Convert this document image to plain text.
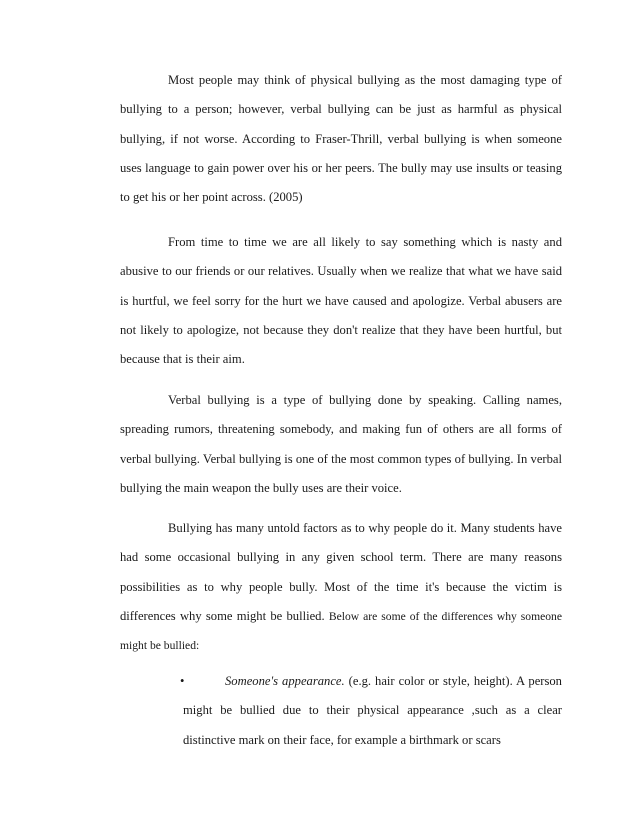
Most people may think of physical bullying as the most damaging type of bullying to a person; however, verbal bullying can be just as harmful as physical bullying, if not worse. According to Fraser-Thrill, verbal bullying is when someone uses language to gain power over his or her peers. The bully may use insults or teasing to get his or her point across. (2005)

From time to time we are all likely to say something which is nasty and abusive to our friends or our relatives. Usually when we realize that what we have said is hurtful, we feel sorry for the hurt we have caused and apologize. Verbal abusers are not likely to apologize, not because they don't realize that they have been hurtful, but because that is their aim.

Verbal bullying is a type of bullying done by speaking. Calling names, spreading rumors, threatening somebody, and making fun of others are all forms of verbal bullying. Verbal bullying is one of the most common types of bullying. In verbal bullying the main weapon the bully uses are their voice.

Bullying has many untold factors as to why people do it. Many students have had some occasional bullying in any given school term. There are many reasons possibilities as to why people bully. Most of the time it's because the victim is differences why some might be bullied. Below are some of the differences why someone might be bullied:

•	Someone's appearance. (e.g. hair color or style, height). A person might be bullied due to their physical appearance ,such as a clear distinctive mark on their face, for example a birthmark or scars
